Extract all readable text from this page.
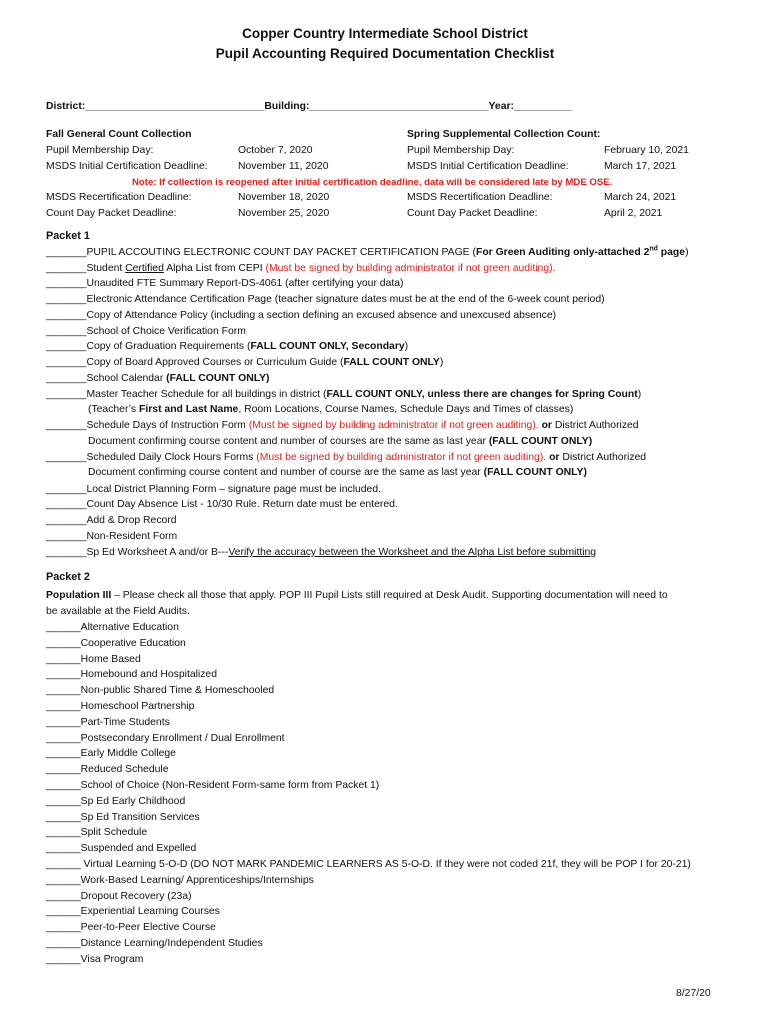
Copper Country Intermediate School District
Pupil Accounting Required Documentation Checklist
District:_______________________________Building:_______________________________Year:__________
Fall General Count Collection	Spring Supplemental Collection Count:
Pupil Membership Day:	October 7, 2020	Pupil Membership Day:	February 10, 2021
MSDS Initial Certification Deadline:	November 11, 2020	MSDS Initial Certification Deadline:	March 17, 2021
Note: If collection is reopened after initial certification deadline, data will be considered late by MDE OSE.
MSDS Recertification Deadline:	November 18, 2020	MSDS Recertification Deadline:	March 24, 2021
Count Day Packet Deadline:	November 25, 2020	Count Day Packet Deadline:	April 2, 2021
Packet 1
_______PUPIL ACCOUTING ELECTRONIC COUNT DAY PACKET CERTIFICATION PAGE (For Green Auditing only-attached 2nd page)
_______Student Certified Alpha List from CEPI (Must be signed by building administrator if not green auditing).
_______Unaudited FTE Summary Report-DS-4061 (after certifying your data)
_______Electronic Attendance Certification Page (teacher signature dates must be at the end of the 6-week count period)
_______Copy of Attendance Policy (including a section defining an excused absence and unexcused absence)
_______School of Choice Verification Form
_______Copy of Graduation Requirements (FALL COUNT ONLY, Secondary)
_______Copy of Board Approved Courses or Curriculum Guide (FALL COUNT ONLY)
_______School Calendar (FALL COUNT ONLY)
_______Master Teacher Schedule for all buildings in district (FALL COUNT ONLY, unless there are changes for Spring Count)
(Teacher’s First and Last Name, Room Locations, Course Names, Schedule Days and Times of classes)
_______Schedule Days of Instruction Form (Must be signed by building administrator if not green auditing). or District Authorized
Document confirming course content and number of courses are the same as last year (FALL COUNT ONLY)
_______Scheduled Daily Clock Hours Forms (Must be signed by building administrator if not green auditing). or District Authorized
Document confirming course content and number of course are the same as last year (FALL COUNT ONLY)
_______Local District Planning Form – signature page must be included.
_______Count Day Absence List - 10/30 Rule. Return date must be entered.
_______Add & Drop Record
_______Non-Resident Form
_______Sp Ed Worksheet A and/or B---Verify the accuracy between the Worksheet and the Alpha List before submitting
Packet 2
Population III – Please check all those that apply. POP III Pupil Lists still required at Desk Audit. Supporting documentation will need to
be available at the Field Audits.
______Alternative Education
______Cooperative Education
______Home Based
______Homebound and Hospitalized
______Non-public Shared Time & Homeschooled
______Homeschool Partnership
______Part-Time Students
______Postsecondary Enrollment / Dual Enrollment
______Early Middle College
______Reduced Schedule
______School of Choice (Non-Resident Form-same form from Packet 1)
______Sp Ed Early Childhood
______Sp Ed Transition Services
______Split Schedule
______Suspended and Expelled
______ Virtual Learning 5-O-D (DO NOT MARK PANDEMIC LEARNERS AS 5-O-D. If they were not coded 21f, they will be POP I for 20-21)
______Work-Based Learning/ Apprenticeships/Internships
______Dropout Recovery (23a)
______Experiential Learning Courses
______Peer-to-Peer Elective Course
______Distance Learning/Independent Studies
______Visa Program
8/27/20
